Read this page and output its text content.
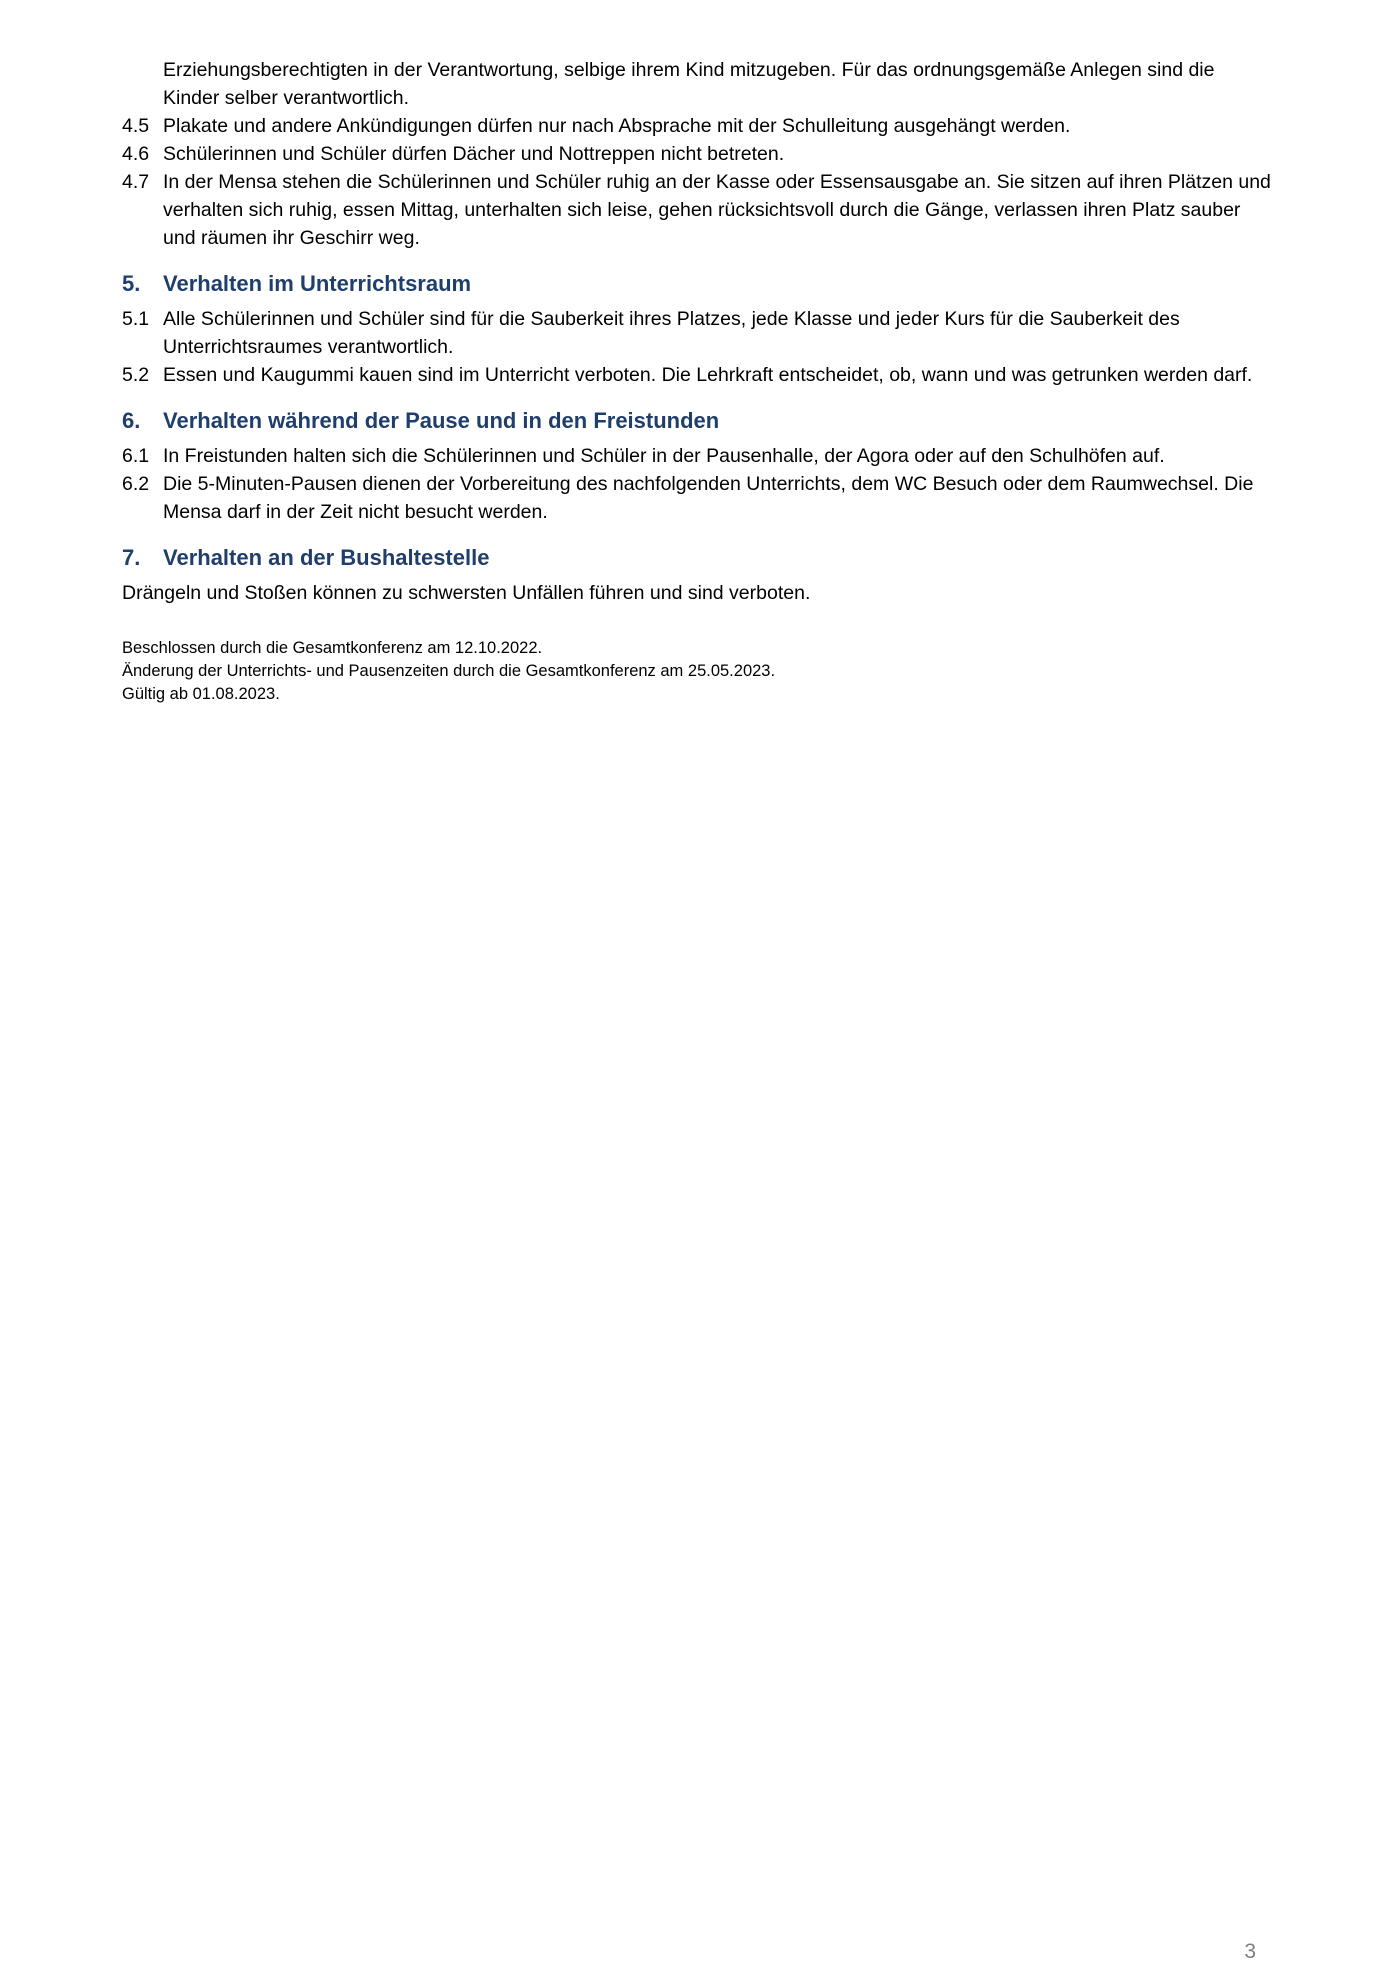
Erziehungsberechtigten in der Verantwortung, selbige ihrem Kind mitzugeben. Für das ordnungsgemäße Anlegen sind die Kinder selber verantwortlich.

4.5 Plakate und andere Ankündigungen dürfen nur nach Absprache mit der Schulleitung ausgehängt werden.
4.6 Schülerinnen und Schüler dürfen Dächer und Nottreppen nicht betreten.
4.7 In der Mensa stehen die Schülerinnen und Schüler ruhig an der Kasse oder Essensausgabe an. Sie sitzen auf ihren Plätzen und verhalten sich ruhig, essen Mittag, unterhalten sich leise, gehen rücksichtsvoll durch die Gänge, verlassen ihren Platz sauber und räumen ihr Geschirr weg.
5.	Verhalten im Unterrichtsraum
5.1 Alle Schülerinnen und Schüler sind für die Sauberkeit ihres Platzes, jede Klasse und jeder Kurs für die Sauberkeit des Unterrichtsraumes verantwortlich.
5.2 Essen und Kaugummi kauen sind im Unterricht verboten. Die Lehrkraft entscheidet, ob, wann und was getrunken werden darf.
6.	Verhalten während der Pause und in den Freistunden
6.1 In Freistunden halten sich die Schülerinnen und Schüler in der Pausenhalle, der Agora oder auf den Schulhöfen auf.
6.2 Die 5-Minuten-Pausen dienen der Vorbereitung des nachfolgenden Unterrichts, dem WC Besuch oder dem Raumwechsel. Die Mensa darf in der Zeit nicht besucht werden.
7.	Verhalten an der Bushaltestelle

Drängeln und Stoßen können zu schwersten Unfällen führen und sind verboten.

Beschlossen durch die Gesamtkonferenz am 12.10.2022.
Änderung der Unterrichts- und Pausenzeiten durch die Gesamtkonferenz am 25.05.2023.
Gültig ab 01.08.2023.
3
